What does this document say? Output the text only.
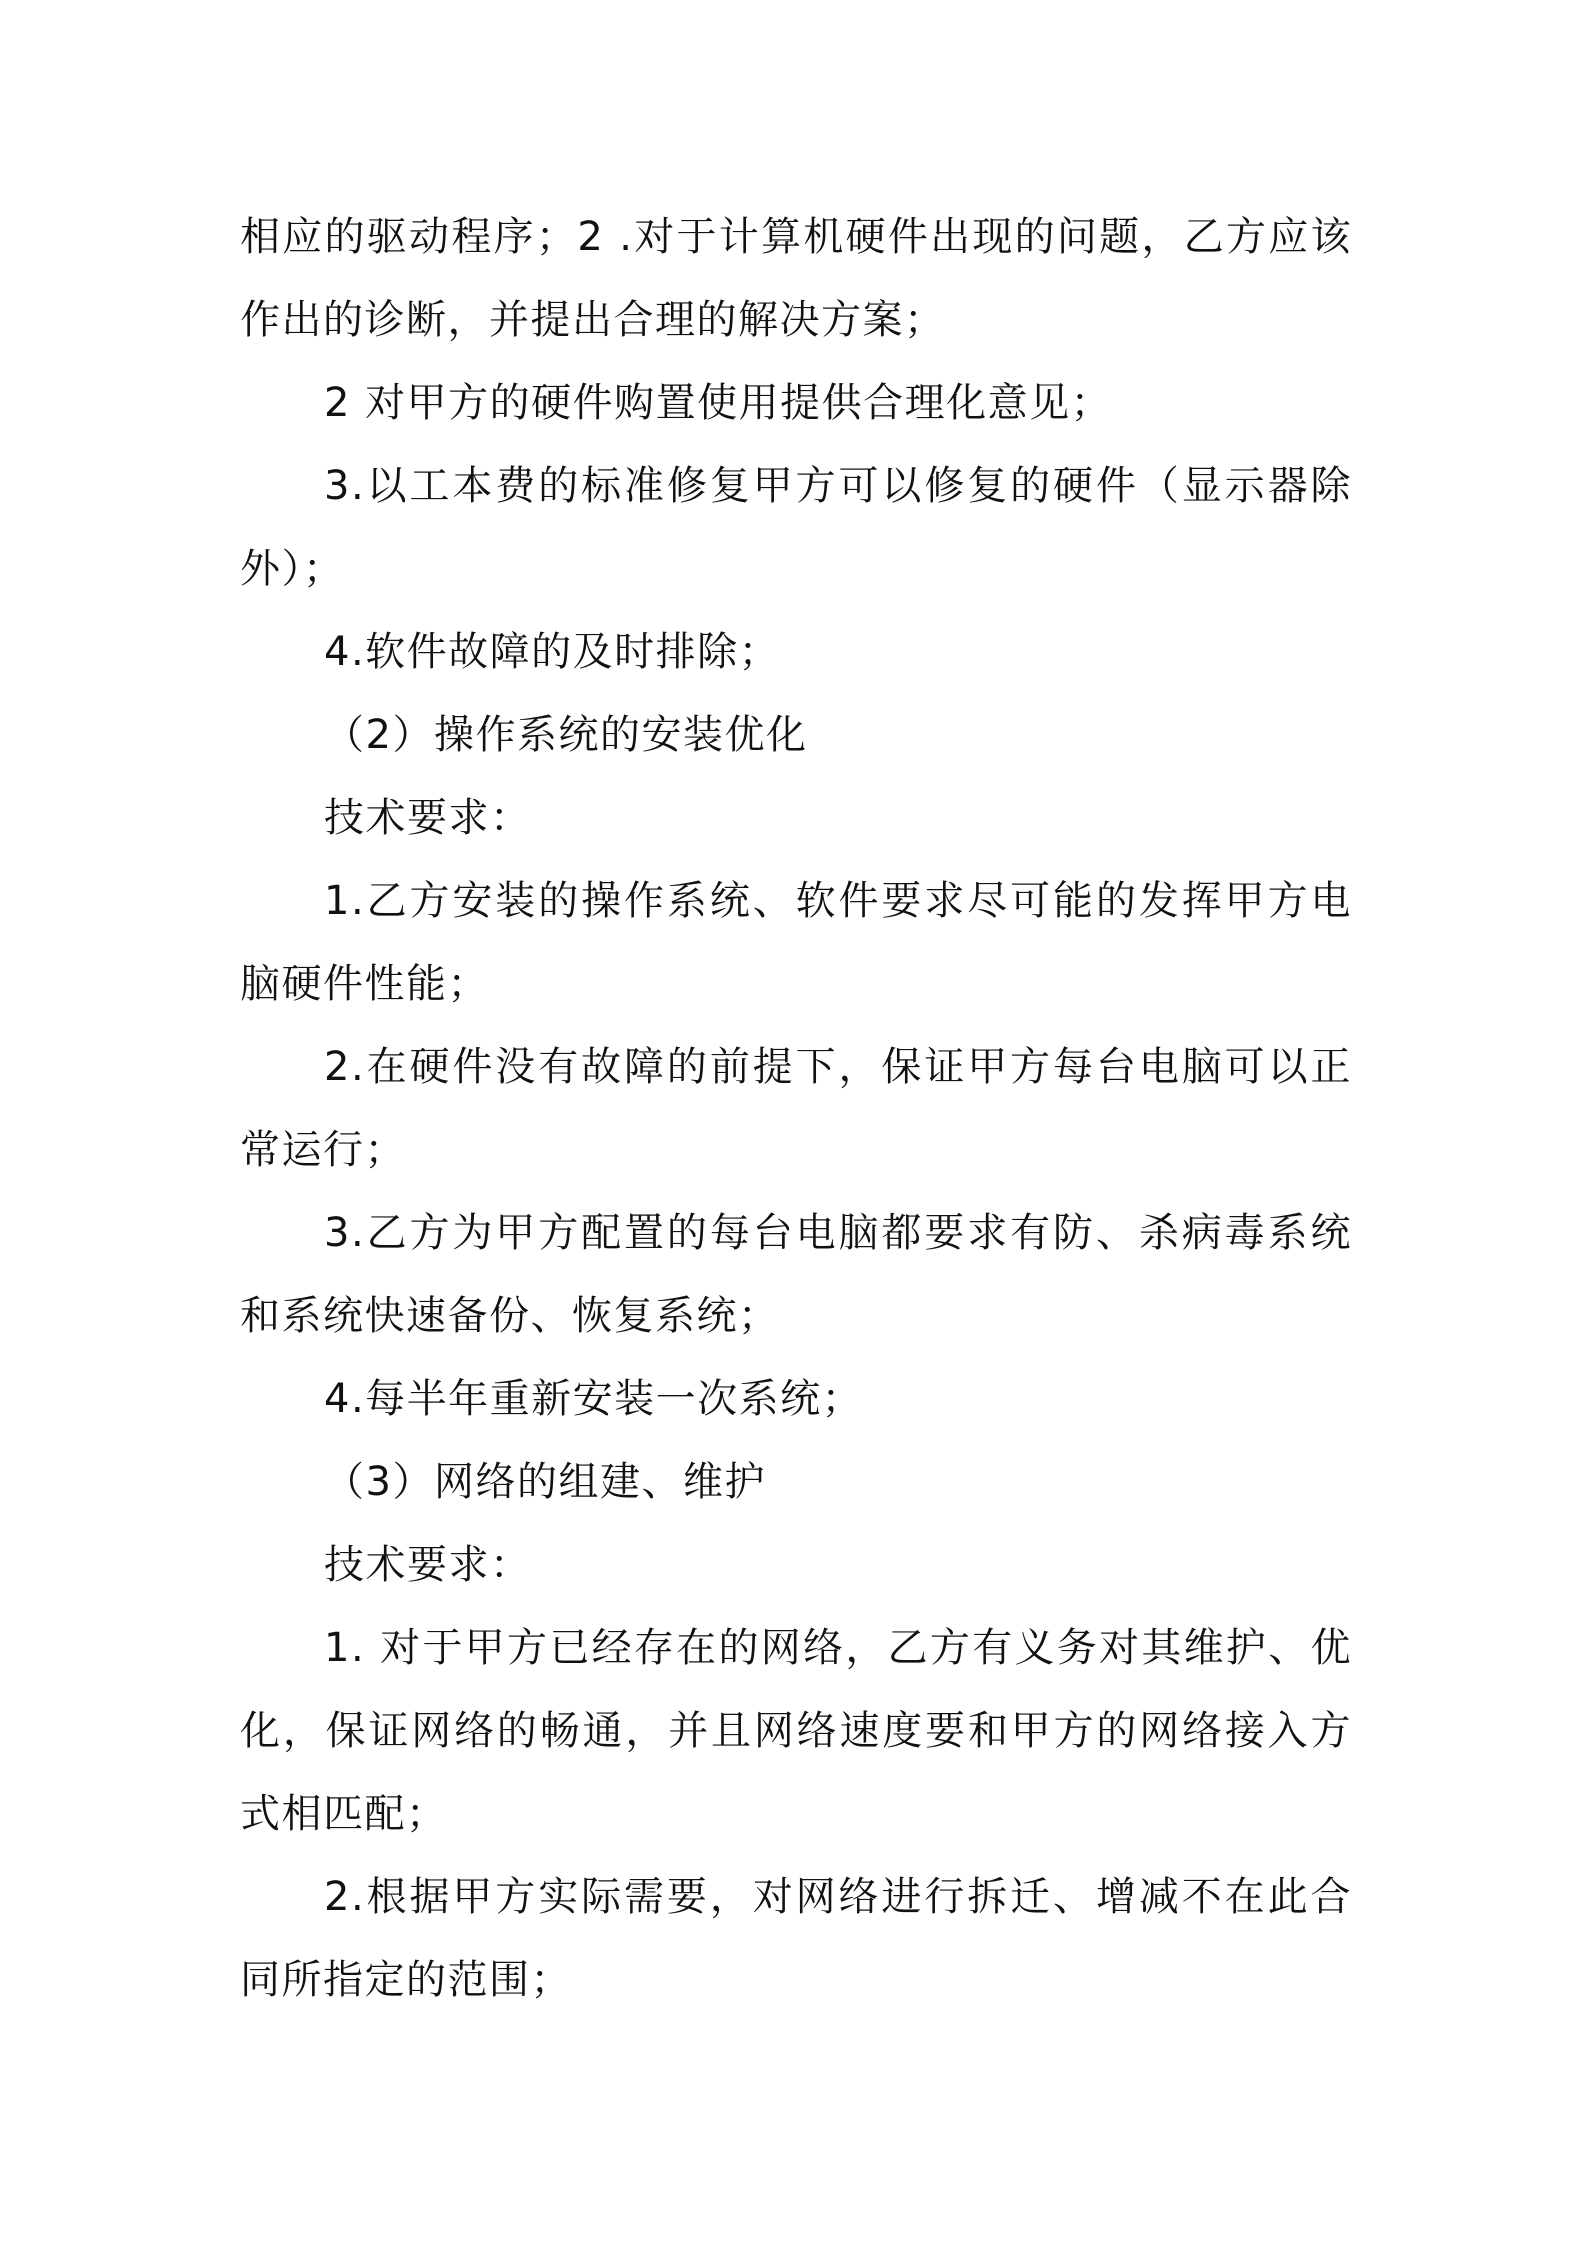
相应的驱动程序；2 .对于计算机硬件出现的问题，乙方应该作出的诊断，并提出合理的解决方案；

2 对甲方的硬件购置使用提供合理化意见；

3.以工本费的标准修复甲方可以修复的硬件（显示器除外）；

4.软件故障的及时排除；

（2）操作系统的安装优化

技术要求：

1.乙方安装的操作系统、软件要求尽可能的发挥甲方电脑硬件性能；

2.在硬件没有故障的前提下，保证甲方每台电脑可以正常运行；

3.乙方为甲方配置的每台电脑都要求有防、杀病毒系统和系统快速备份、恢复系统；

4.每半年重新安装一次系统；

（3）网络的组建、维护

技术要求：

1. 对于甲方已经存在的网络，乙方有义务对其维护、优化，保证网络的畅通，并且网络速度要和甲方的网络接入方式相匹配；

2.根据甲方实际需要，对网络进行拆迁、增减不在此合同所指定的范围；
